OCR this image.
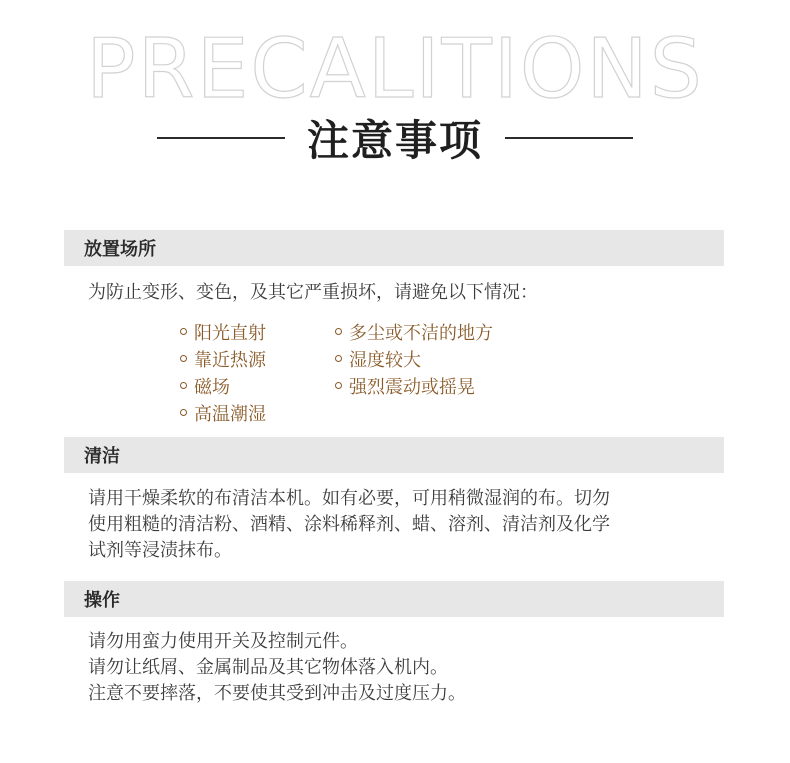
PRECALITIONS
注意事项
放置场所

为防止变形、变色，及其它严重损坏，请避免以下情况：

阳光直射
靠近热源
磁场
高温潮湿
多尘或不洁的地方
湿度较大
强烈震动或摇晃
清洁

请用干燥柔软的布清洁本机。如有必要，可用稍微湿润的布。切勿
使用粗糙的清洁粉、酒精、涂料稀释剂、蜡、溶剂、清洁剂及化学
试剂等浸渍抹布。

操作

请勿用蛮力使用开关及控制元件。
请勿让纸屑、金属制品及其它物体落入机内。
注意不要摔落，不要使其受到冲击及过度压力。
